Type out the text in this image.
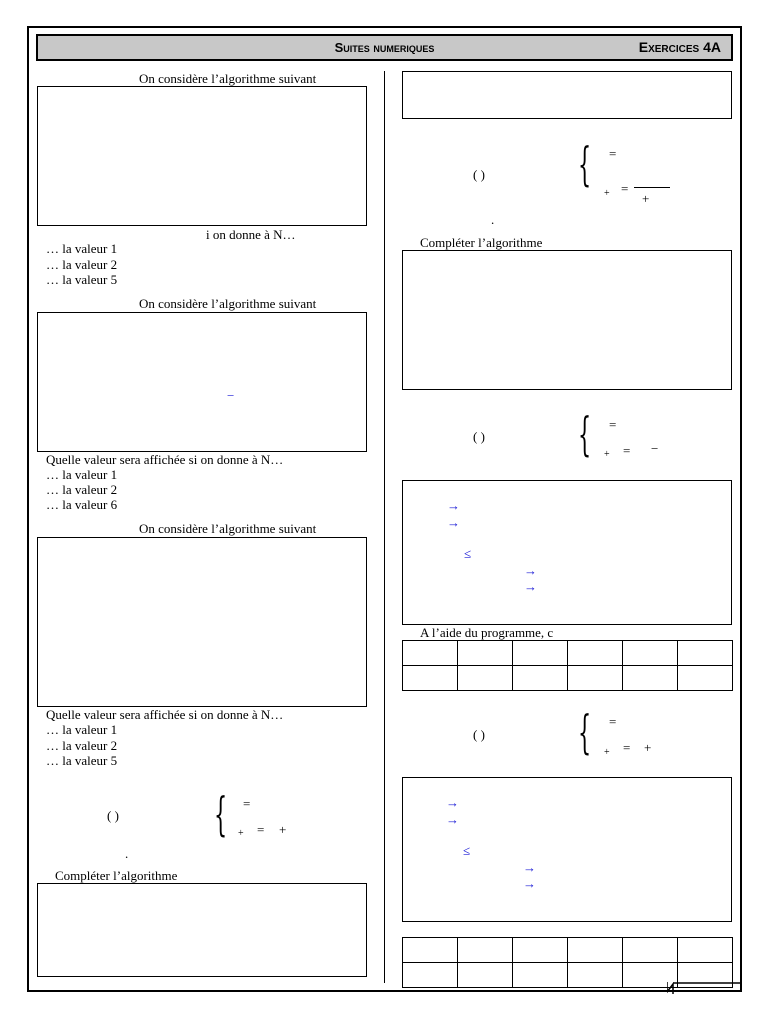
Suites numeriques	Exercices 4A
On considère l’algorithme suivant
i on donne à N…
… la valeur 1
… la valeur 2
… la valeur 5
On considère l’algorithme suivant
−
Quelle valeur sera affichée si on donne à N…
… la valeur 1
… la valeur 2
… la valeur 6
On considère l’algorithme suivant
Quelle valeur sera affichée si on donne à N…
… la valeur 1
… la valeur 2
… la valeur 5
( ) { =
+ = +
.
Compléter l’algorithme
( ) { =
+ =
+
.
Compléter l’algorithme
( ) { =
+ = −
→
→
≤
→
→
A l’aide du programme, c

( ) { =
+ = +
→
→
≤
→
→
